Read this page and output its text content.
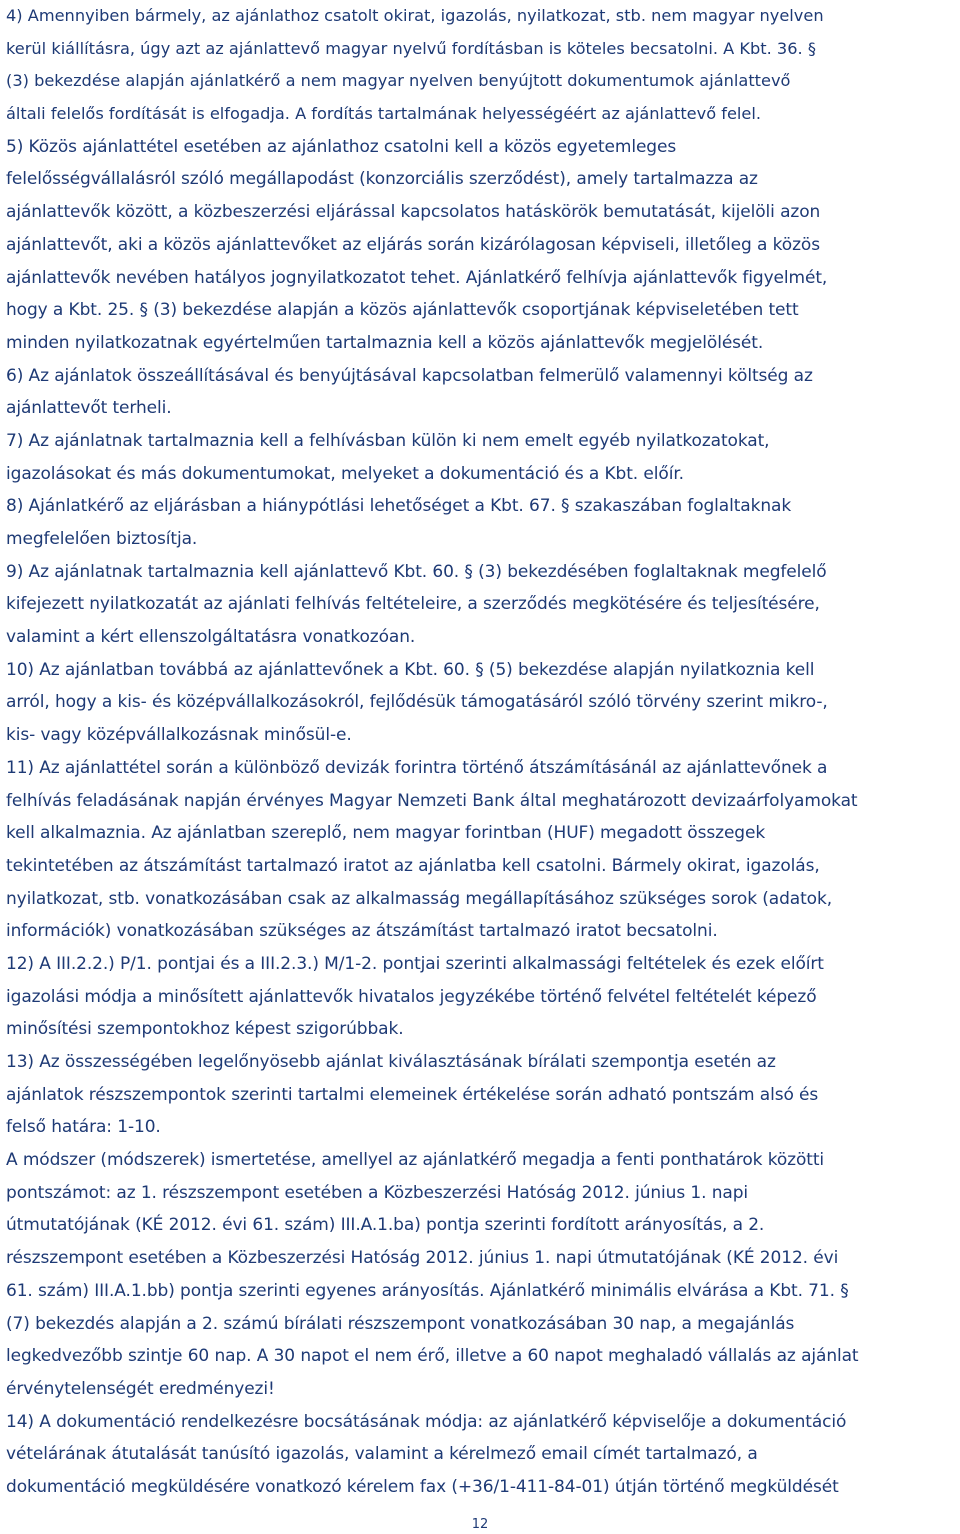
4) Amennyiben bármely, az ajánlathoz csatolt okirat, igazolás, nyilatkozat, stb. nem magyar nyelven
kerül kiállításra, úgy azt az ajánlattevő magyar nyelvű fordításban is köteles becsatolni. A Kbt. 36. §
(3) bekezdése alapján ajánlatkérő a nem magyar nyelven benyújtott dokumentumok ajánlattevő
általi felelős fordítását is elfogadja. A fordítás tartalmának helyességéért az ajánlattevő felel.
5) Közös ajánlattétel esetében az ajánlathoz csatolni kell a közös egyetemleges
felelősségvállalásról szóló megállapodást (konzorciális szerződést), amely tartalmazza az
ajánlattevők között, a közbeszerzési eljárással kapcsolatos hatáskörök bemutatását, kijelöli azon
ajánlattevőt, aki a közös ajánlattevőket az eljárás során kizárólagosan képviseli, illetőleg a közös
ajánlattevők nevében hatályos jognyilatkozatot tehet. Ajánlatkérő felhívja ajánlattevők figyelmét,
hogy a Kbt. 25. § (3) bekezdése alapján a közös ajánlattevők csoportjának képviseletében tett
minden nyilatkozatnak egyértelműen tartalmaznia kell a közös ajánlattevők megjelölését.
6) Az ajánlatok összeállításával és benyújtásával kapcsolatban felmerülő valamennyi költség az
ajánlattevőt terheli.
7) Az ajánlatnak tartalmaznia kell a felhívásban külön ki nem emelt egyéb nyilatkozatokat,
igazolásokat és más dokumentumokat, melyeket a dokumentáció és a Kbt. előír.
8) Ajánlatkérő az eljárásban a hiánypótlási lehetőséget a Kbt. 67. § szakaszában foglaltaknak
megfelelően biztosítja.
9) Az ajánlatnak tartalmaznia kell ajánlattevő Kbt. 60. § (3) bekezdésében foglaltaknak megfelelő
kifejezett nyilatkozatát az ajánlati felhívás feltételeire, a szerződés megkötésére és teljesítésére,
valamint a kért ellenszolgáltatásra vonatkozóan.
10) Az ajánlatban továbbá az ajánlattevőnek a Kbt. 60. § (5) bekezdése alapján nyilatkoznia kell
arról, hogy a kis- és középvállalkozásokról, fejlődésük támogatásáról szóló törvény szerint mikro-,
kis- vagy középvállalkozásnak minősül-e.
11) Az ajánlattétel során a különböző devizák forintra történő átszámításánál az ajánlattevőnek a
felhívás feladásának napján érvényes Magyar Nemzeti Bank által meghatározott devizaárfolyamokat
kell alkalmaznia. Az ajánlatban szereplő, nem magyar forintban (HUF) megadott összegek
tekintetében az átszámítást tartalmazó iratot az ajánlatba kell csatolni. Bármely okirat, igazolás,
nyilatkozat, stb. vonatkozásában csak az alkalmasság megállapításához szükséges sorok (adatok,
információk) vonatkozásában szükséges az átszámítást tartalmazó iratot becsatolni.
12) A III.2.2.) P/1. pontjai és a III.2.3.) M/1-2. pontjai szerinti alkalmassági feltételek és ezek előírt
igazolási módja a minősített ajánlattevők hivatalos jegyzékébe történő felvétel feltételét képező
minősítési szempontokhoz képest szigorúbbak.
13) Az összességében legelőnyösebb ajánlat kiválasztásának bírálati szempontja esetén az
ajánlatok részszempontok szerinti tartalmi elemeinek értékelése során adható pontszám alsó és
felső határa: 1-10.
A módszer (módszerek) ismertetése, amellyel az ajánlatkérő megadja a fenti ponthatárok közötti
pontszámot: az 1. részszempont esetében a Közbeszerzési Hatóság 2012. június 1. napi
útmutatójának (KÉ 2012. évi 61. szám) III.A.1.ba) pontja szerinti fordított arányosítás, a 2.
részszempont esetében a Közbeszerzési Hatóság 2012. június 1. napi útmutatójának (KÉ 2012. évi
61. szám) III.A.1.bb) pontja szerinti egyenes arányosítás. Ajánlatkérő minimális elvárása a Kbt. 71. §
(7) bekezdés alapján a 2. számú bírálati részszempont vonatkozásában 30 nap, a megajánlás
legkedvezőbb szintje 60 nap. A 30 napot el nem érő, illetve a 60 napot meghaladó vállalás az ajánlat
érvénytelenségét eredményezi!
14) A dokumentáció rendelkezésre bocsátásának módja: az ajánlatkérő képviselője a dokumentáció
vételárának átutalását tanúsító igazolás, valamint a kérelmező email címét tartalmazó, a
dokumentáció megküldésére vonatkozó kérelem fax (+36/1-411-84-01) útján történő megküldését
12
